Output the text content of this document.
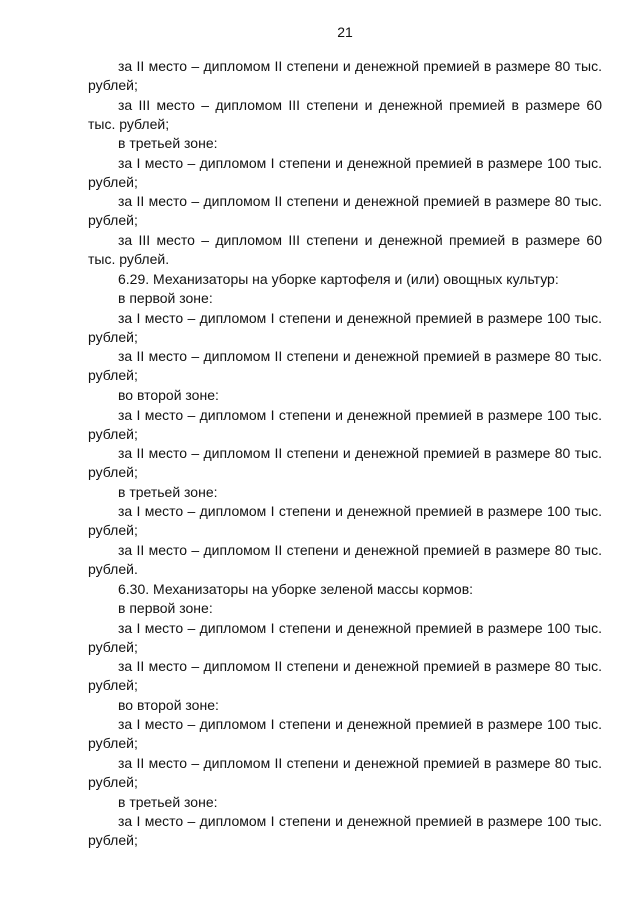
21

за II место – дипломом II степени и денежной премией в размере 80 тыс. рублей;

за III место – дипломом III степени и денежной премией в размере 60 тыс. рублей;

в третьей зоне:

за I место – дипломом I степени и денежной премией в размере 100 тыс. рублей;

за II место – дипломом II степени и денежной премией в размере 80 тыс. рублей;

за III место – дипломом III степени и денежной премией в размере 60 тыс. рублей.

6.29. Механизаторы на уборке картофеля и (или) овощных культур:

в первой зоне:

за I место – дипломом I степени и денежной премией в размере 100 тыс. рублей;

за II место – дипломом II степени и денежной премией в размере 80 тыс. рублей;

во второй зоне:

за I место – дипломом I степени и денежной премией в размере 100 тыс. рублей;

за II место – дипломом II степени и денежной премией в размере 80 тыс. рублей;

в третьей зоне:

за I место – дипломом I степени и денежной премией в размере 100 тыс. рублей;

за II место – дипломом II степени и денежной премией в размере 80 тыс. рублей.

6.30. Механизаторы на уборке зеленой массы кормов:

в первой зоне:

за I место – дипломом I степени и денежной премией в размере 100 тыс. рублей;

за II место – дипломом II степени и денежной премией в размере 80 тыс. рублей;

во второй зоне:

за I место – дипломом I степени и денежной премией в размере 100 тыс. рублей;

за II место – дипломом II степени и денежной премией в размере 80 тыс. рублей;

в третьей зоне:

за I место – дипломом I степени и денежной премией в размере 100 тыс. рублей;
